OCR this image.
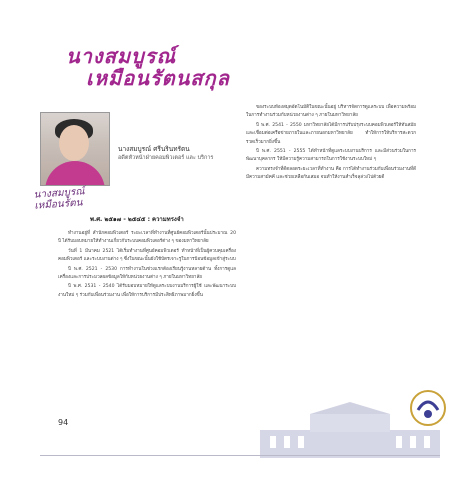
นางสมบูรณ์
เหมือนรัตนสกุล
นางสมบูรณ์
เหมือนรัตน
นางสมบูรณ์ ศรีนรินทรัตน
อดีตหัวหน้าฝ่ายคอมพิวเตอร์ และ บริการ
พ.ศ. ๒๕๑๗ - ๒๕๔๕ : ความทรงจำ

ทำงานอยู่ที่ สำนักคอมพิวเตอร์ ระยะเวลาที่ทำงานที่ศูนย์คอมพิวเตอร์นั้นประมาณ 20 ปี ได้รับมอบหมายให้ทำงานเกี่ยวกับระบบคอมพิวเตอร์ต่าง ๆ ของมหาวิทยาลัย

วันที่ 1 มีนาคม 2521 ได้เริ่มทำงานที่ศูนย์คอมพิวเตอร์ ทำหน้าที่เป็นผู้ควบคุมเครื่องคอมพิวเตอร์ และระบบงานต่าง ๆ ซึ่งในขณะนั้นยังใช้บัตรเจาะรูในการป้อนข้อมูลเข้าสู่ระบบ

ปี พ.ศ. 2521 - 2530 การทำงานในช่วงแรกต้องเรียนรู้งานหลายด้าน ทั้งการดูแลเครื่องและการประมวลผลข้อมูลให้กับหน่วยงานต่าง ๆ ภายในมหาวิทยาลัย

ปี พ.ศ. 2531 - 2540 ได้รับมอบหมายให้ดูแลระบบงานบริการผู้ใช้ และพัฒนาระบบงานใหม่ ๆ ร่วมกับเพื่อนร่วมงาน เพื่อให้การบริการมีประสิทธิภาพมากยิ่งขึ้น

ของระบบห้องสมุดอัตโนมัติในขณะนั้นอยู่ บริหารจัดการดูแลระบบ เพื่อความพร้อมในการทำงานร่วมกับหน่วยงานต่าง ๆ ภายในมหาวิทยาลัย

ปี พ.ศ. 2541 - 2550 มหาวิทยาลัยได้มีการปรับปรุงระบบคอมพิวเตอร์ให้ทันสมัย และเชื่อมต่อเครือข่ายภายในและภายนอกมหาวิทยาลัย ทำให้การให้บริการสะดวกรวดเร็วมากยิ่งขึ้น

ปี พ.ศ. 2551 - 2555 ได้ทำหน้าที่ดูแลระบบงานบริการ และมีส่วนร่วมในการพัฒนาบุคลากร ให้มีความรู้ความสามารถในการใช้งานระบบใหม่ ๆ

ความทรงจำที่ดีตลอดระยะเวลาที่ทำงาน คือ การได้ทำงานร่วมกับเพื่อนร่วมงานที่ดี มีความสามัคคี และช่วยเหลือกันเสมอ จนทำให้งานสำเร็จลุล่วงไปด้วยดี

94
